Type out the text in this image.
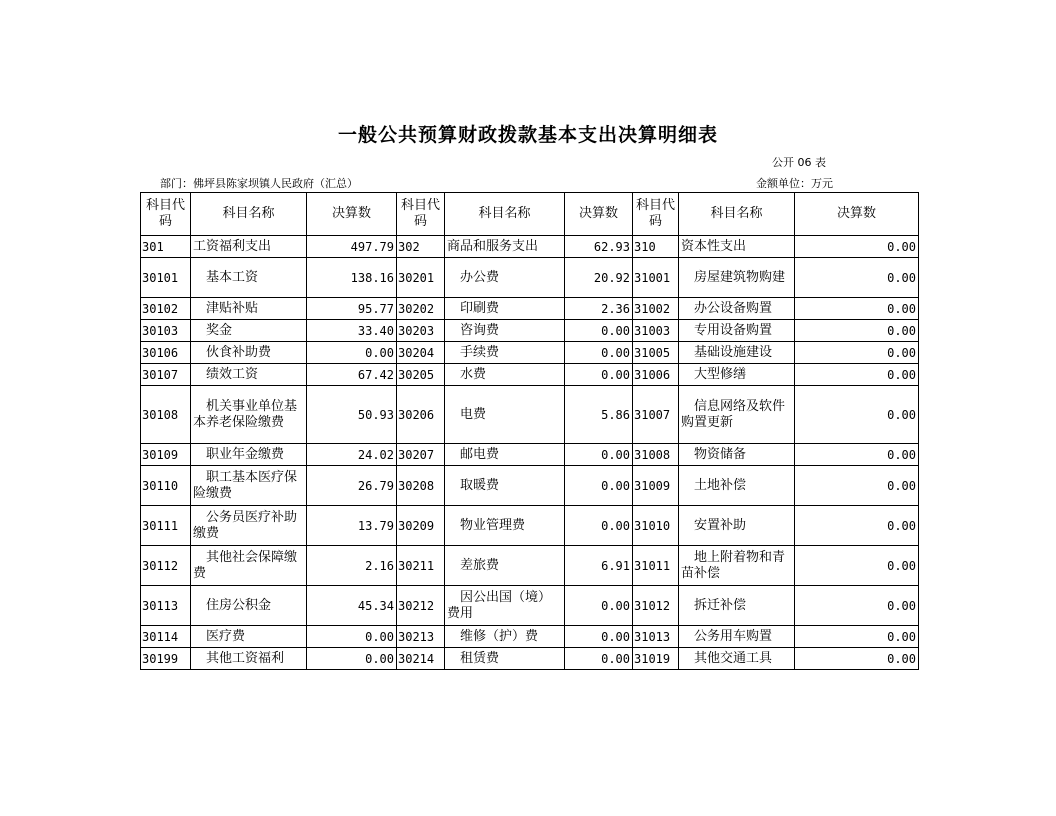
一般公共预算财政拨款基本支出决算明细表
公开 06 表
部门：佛坪县陈家坝镇人民政府（汇总）	金额单位：万元
科目代码	科目名称	决算数	科目代码	科目名称	决算数	科目代码	科目名称	决算数
301	工资福利支出	497.79	302	商品和服务支出	62.93	310	资本性支出	0.00
30101	　基本工资	138.16	30201	　办公费	20.92	31001	　房屋建筑物购建	0.00
30102	　津贴补贴	95.77	30202	　印刷费	2.36	31002	　办公设备购置	0.00
30103	　奖金	33.40	30203	　咨询费	0.00	31003	　专用设备购置	0.00
30106	　伙食补助费	0.00	30204	　手续费	0.00	31005	　基础设施建设	0.00
30107	　绩效工资	67.42	30205	　水费	0.00	31006	　大型修缮	0.00
30108	　机关事业单位基本养老保险缴费	50.93	30206	　电费	5.86	31007	　信息网络及软件购置更新	0.00
30109	　职业年金缴费	24.02	30207	　邮电费	0.00	31008	　物资储备	0.00
30110	　职工基本医疗保险缴费	26.79	30208	　取暖费	0.00	31009	　土地补偿	0.00
30111	　公务员医疗补助缴费	13.79	30209	　物业管理费	0.00	31010	　安置补助	0.00
30112	　其他社会保障缴费	2.16	30211	　差旅费	6.91	31011	　地上附着物和青苗补偿	0.00
30113	　住房公积金	45.34	30212	　因公出国（境）费用	0.00	31012	　拆迁补偿	0.00
30114	　医疗费	0.00	30213	　维修（护）费	0.00	31013	　公务用车购置	0.00
30199	　其他工资福利	0.00	30214	　租赁费	0.00	31019	　其他交通工具	0.00
